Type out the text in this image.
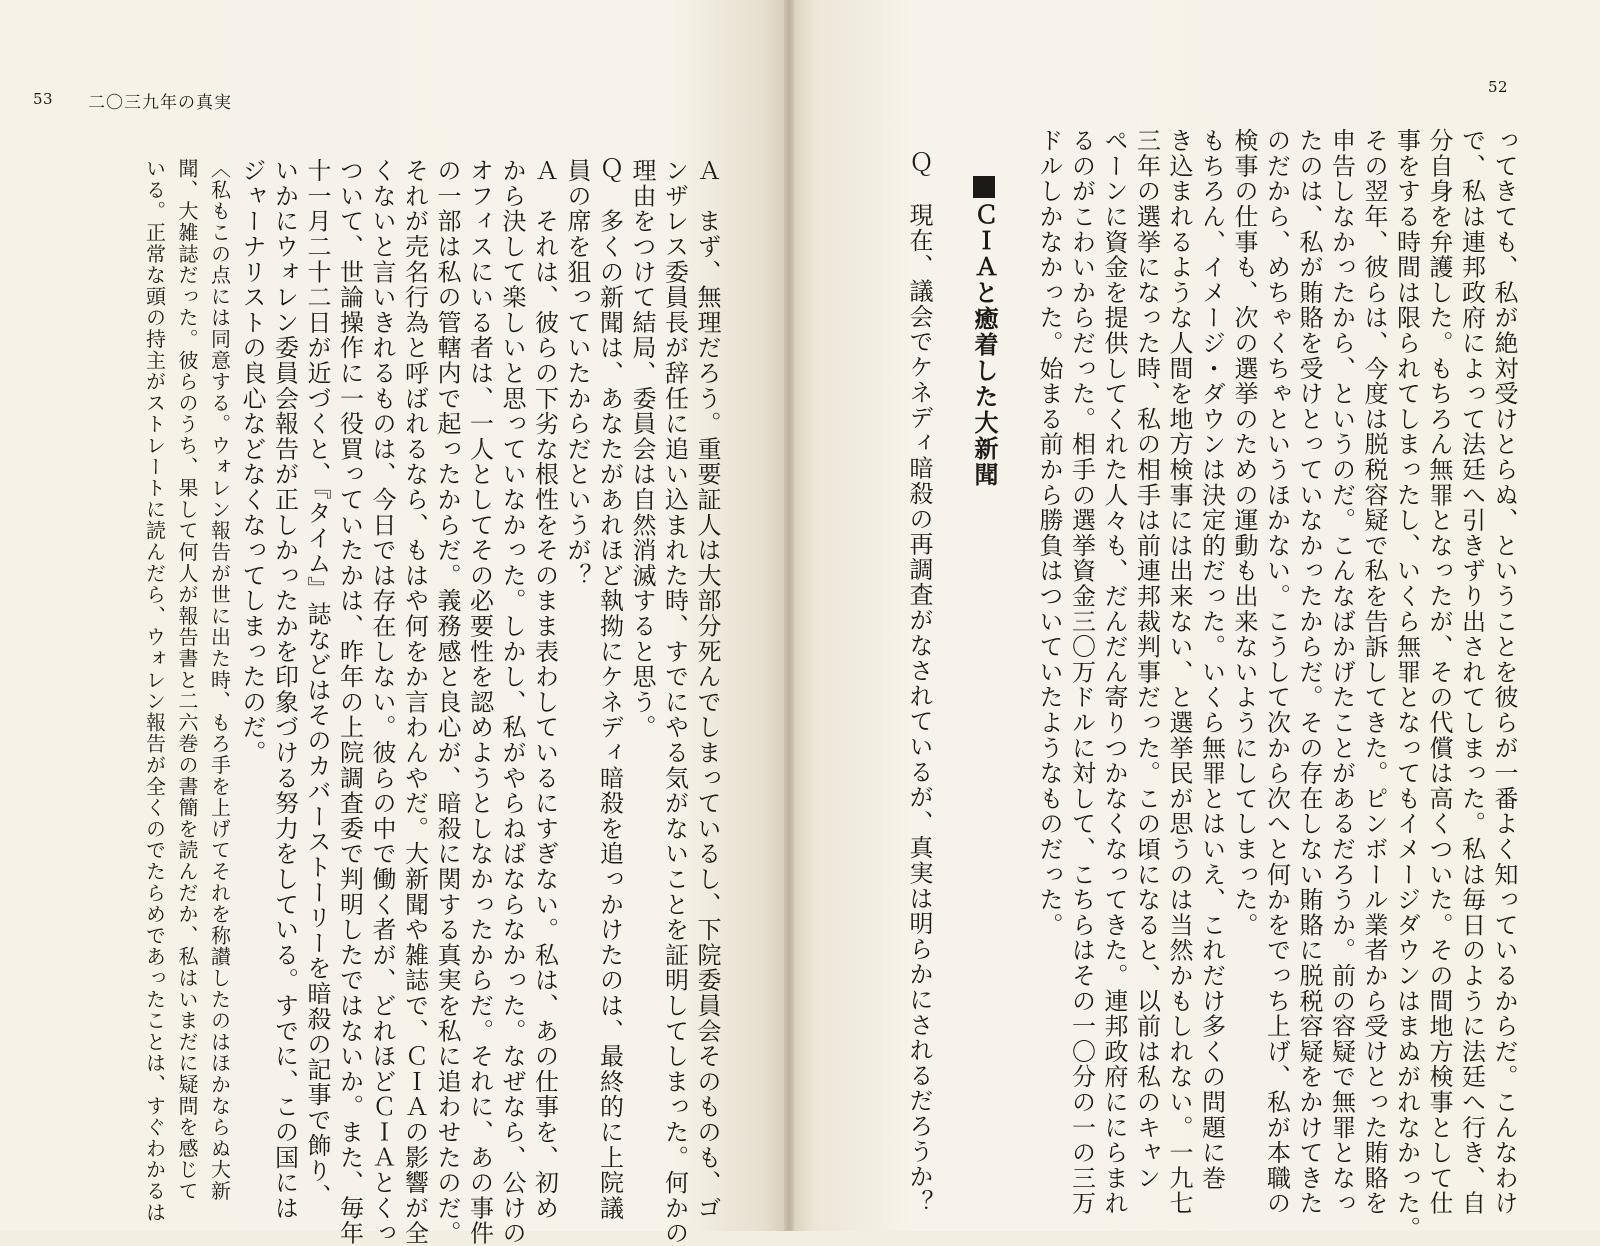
52
53 二〇三九年の真実

ってきても、私が絶対受けとらぬ、ということを彼らが一番よく知っているからだ。こんなわけ

で、私は連邦政府によって法廷へ引きずり出されてしまった。私は毎日のように法廷へ行き、自

分自身を弁護した。もちろん無罪となったが、その代償は高くついた。その間地方検事として仕

事をする時間は限られてしまったし、いくら無罪となってもイメージダウンはまぬがれなかった。

その翌年、彼らは、今度は脱税容疑で私を告訴してきた。ピンボール業者から受けとった賄賂を

申告しなかったから、というのだ。こんなばかげたことがあるだろうか。前の容疑で無罪となっ

たのは、私が賄賂を受けとっていなかったからだ。その存在しない賄賂に脱税容疑をかけてきた

のだから、めちゃくちゃというほかない。こうして次から次へと何かをでっち上げ、私が本職の

検事の仕事も、次の選挙のための運動も出来ないようにしてしまった。

もちろん、イメージ・ダウンは決定的だった。いくら無罪とはいえ、これだけ多くの問題に巻

き込まれるような人間を地方検事には出来ない、と選挙民が思うのは当然かもしれない。一九七

三年の選挙になった時、私の相手は前連邦裁判事だった。この頃になると、以前は私のキャン

ペーンに資金を提供してくれた人々も、だんだん寄りつかなくなってきた。連邦政府ににらまれ

るのがこわいからだった。相手の選挙資金三〇万ドルに対して、こちらはその一〇分の一の三万

ドルしかなかった。始まる前から勝負はついていたようなものだった。

ＣＩＡと癒着した大新聞

Ｑ　現在、議会でケネディ暗殺の再調査がなされているが、真実は明らかにされるだろうか？

Ａ　まず、無理だろう。重要証人は大部分死んでしまっているし、下院委員会そのものも、ゴ

ンザレス委員長が辞任に追い込まれた時、すでにやる気がないことを証明してしまった。何かの

理由をつけて結局、委員会は自然消滅すると思う。

Ｑ　多くの新聞は、あなたがあれほど執拗にケネディ暗殺を追っかけたのは、最終的に上院議

員の席を狙っていたからだというが？

Ａ　それは、彼らの下劣な根性をそのまま表わしているにすぎない。私は、あの仕事を、初め

から決して楽しいと思っていなかった。しかし、私がやらねばならなかった。なぜなら、公けの

オフィスにいる者は、一人としてその必要性を認めようとしなかったからだ。それに、あの事件

の一部は私の管轄内で起ったからだ。義務感と良心が、暗殺に関する真実を私に追わせたのだ。

それが売名行為と呼ばれるなら、もはや何をか言わんやだ。大新聞や雑誌で、ＣＩＡの影響が全

くないと言いきれるものは、今日では存在しない。彼らの中で働く者が、どれほどＣＩＡとくっ

ついて、世論操作に一役買っていたかは、昨年の上院調査委で判明したではないか。また、毎年

十一月二十二日が近づくと、『タイム』誌などはそのカバーストーリーを暗殺の記事で飾り、

いかにウォレン委員会報告が正しかったかを印象づける努力をしている。すでに、この国には

ジャーナリストの良心などなくなってしまったのだ。

〈私もこの点には同意する。ウォレン報告が世に出た時、もろ手を上げてそれを称讃したのはほかならぬ大新

聞、大雑誌だった。彼らのうち、果して何人が報告書と二六巻の書簡を読んだか、私はいまだに疑問を感じて

いる。正常な頭の持主がストレートに読んだら、ウォレン報告が全くのでたらめであったことは、すぐわかるは
